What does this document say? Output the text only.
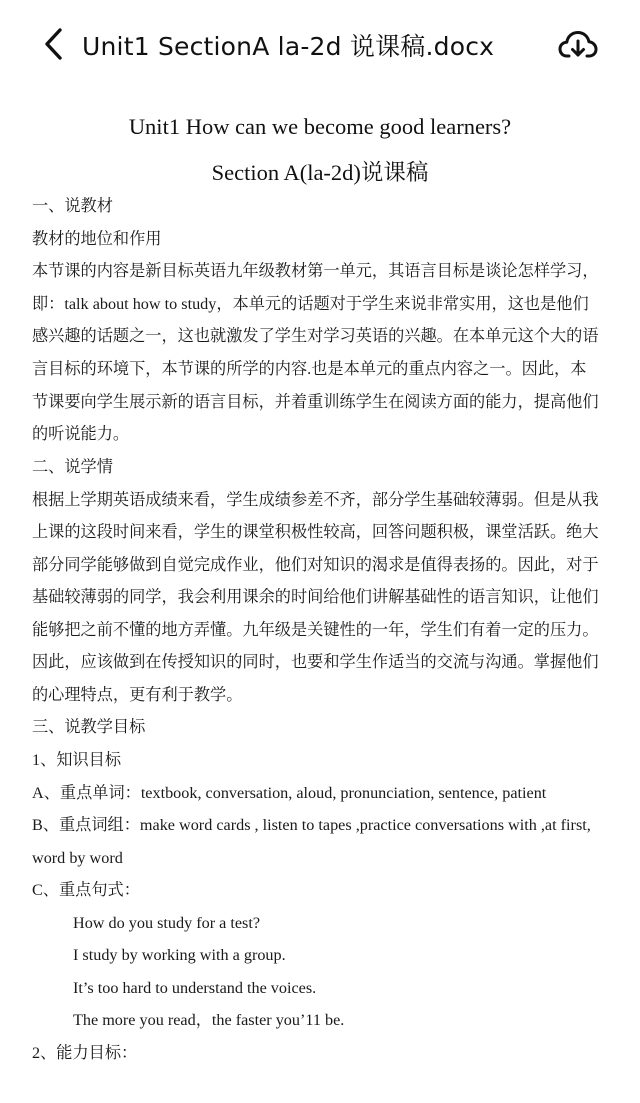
Unit1 SectionA la-2d 说课稿.docx
Unit1 How can we become good learners?
Section A(la-2d)说课稿
一、说教材
教材的地位和作用
本节课的内容是新目标英语九年级教材第一单元，其语言目标是谈论怎样学习，
即：talk about how to study，本单元的话题对于学生来说非常实用，这也是他们
感兴趣的话题之一，这也就激发了学生对学习英语的兴趣。在本单元这个大的语
言目标的环境下，本节课的所学的内容.也是本单元的重点内容之一。因此，本
节课要向学生展示新的语言目标，并着重训练学生在阅读方面的能力，提高他们
的听说能力。
二、说学情
根据上学期英语成绩来看，学生成绩参差不齐，部分学生基础较薄弱。但是从我
上课的这段时间来看，学生的课堂积极性较高，回答问题积极，课堂活跃。绝大
部分同学能够做到自觉完成作业，他们对知识的渴求是值得表扬的。因此，对于
基础较薄弱的同学，我会利用课余的时间给他们讲解基础性的语言知识，让他们
能够把之前不懂的地方弄懂。九年级是关键性的一年，学生们有着一定的压力。
因此，应该做到在传授知识的同时，也要和学生作适当的交流与沟通。掌握他们
的心理特点，更有利于教学。
三、说教学目标
1、知识目标
A、重点单词：textbook, conversation, aloud, pronunciation, sentence, patient
B、重点词组：make word cards , listen to tapes ,practice conversations with ,at first,
word by word
C、重点句式：
How do you study for a test?
I study by working with a group.
It’s too hard to understand the voices.
The more you read，the faster you’11 be.
2、能力目标：
